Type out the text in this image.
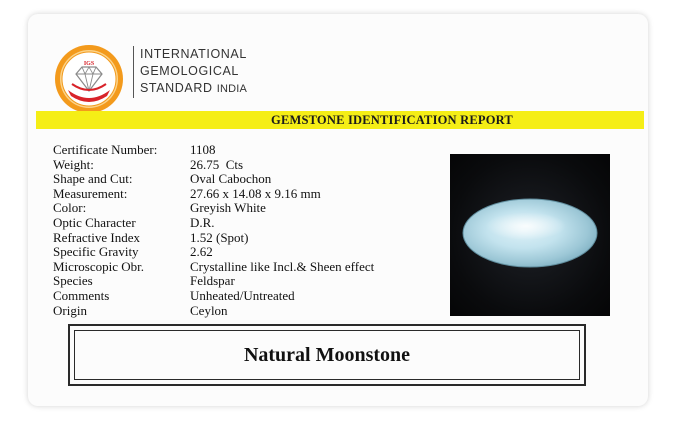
IGS
INTERNATIONAL
GEMOLOGICAL
STANDARD INDIA
GEMSTONE IDENTIFICATION REPORT
Certificate Number:	1108
Weight:	26.75  Cts
Shape and Cut:	Oval Cabochon
Measurement:	27.66 x 14.08 x 9.16 mm
Color:	Greyish White
Optic Character	D.R.
Refractive Index	1.52 (Spot)
Specific Gravity	2.62
Microscopic Obr.	Crystalline like Incl.& Sheen effect
Species	Feldspar
Comments	Unheated/Untreated
Origin	Ceylon
Natural Moonstone
